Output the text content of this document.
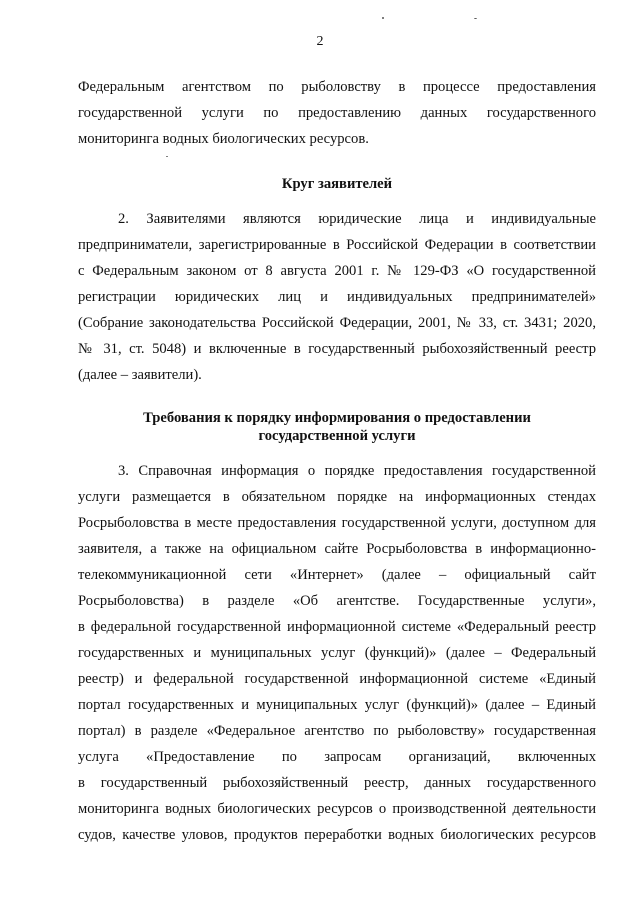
2
Федеральным агентством по рыболовству в процессе предоставления
государственной услуги по предоставлению данных государственного
мониторинга водных биологических ресурсов.
Круг заявителей
2. Заявителями являются юридические лица и индивидуальные
предприниматели, зарегистрированные в Российской Федерации в соответствии
с Федеральным законом от 8 августа 2001 г. № 129-ФЗ «О государственной
регистрации юридических лиц и индивидуальных предпринимателей»
(Собрание законодательства Российской Федерации, 2001, № 33, ст. 3431; 2020,
№ 31, ст. 5048) и включенные в государственный рыбохозяйственный реестр
(далее – заявители).
Требования к порядку информирования о предоставлении
государственной услуги
3. Справочная информация о порядке предоставления государственной
услуги размещается в обязательном порядке на информационных стендах
Росрыболовства в месте предоставления государственной услуги, доступном для
заявителя, а также на официальном сайте Росрыболовства в информационно-
телекоммуникационной сети «Интернет» (далее – официальный сайт
Росрыболовства) в разделе «Об агентстве. Государственные услуги»,
в федеральной государственной информационной системе «Федеральный реестр
государственных и муниципальных услуг (функций)» (далее – Федеральный
реестр) и федеральной государственной информационной системе «Единый
портал государственных и муниципальных услуг (функций)» (далее – Единый
портал) в разделе «Федеральное агентство по рыболовству» государственная
услуга «Предоставление по запросам организаций, включенных
в государственный рыбохозяйственный реестр, данных государственного
мониторинга водных биологических ресурсов о производственной деятельности
судов, качестве уловов, продуктов переработки водных биологических ресурсов
